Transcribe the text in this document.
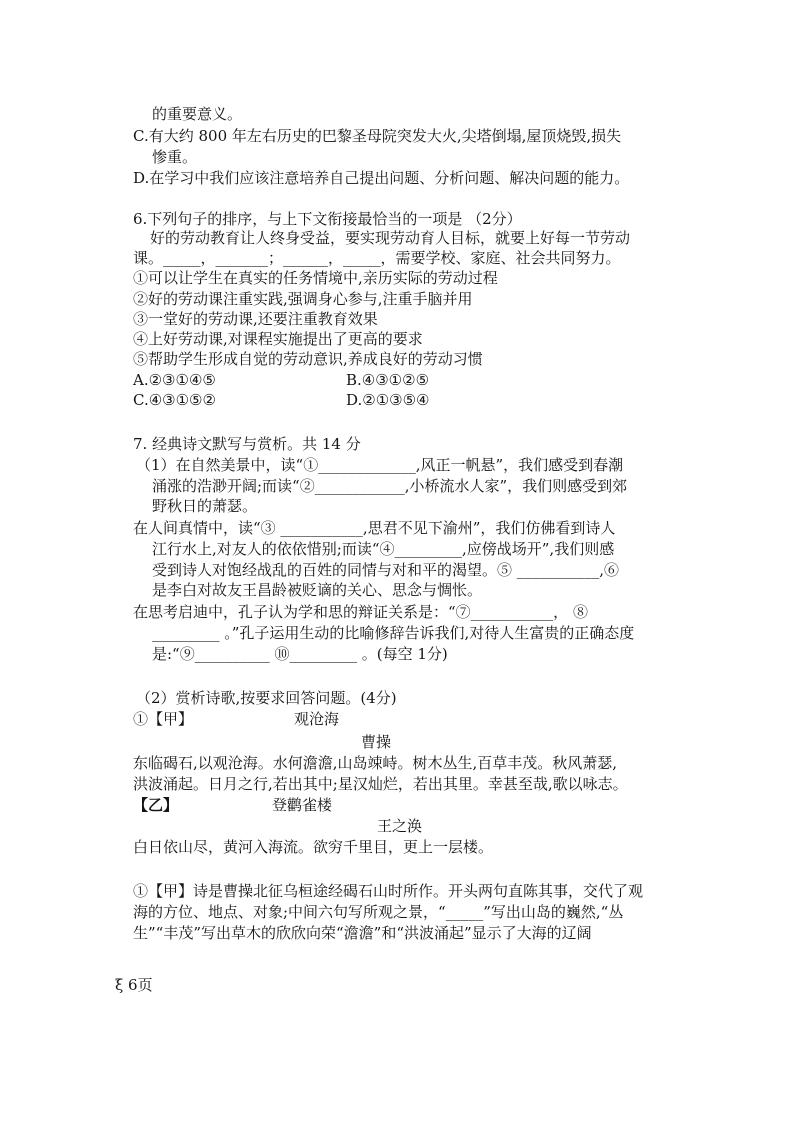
的重要意义。
C.有大约 800 年左右历史的巴黎圣母院突发大火,尖塔倒塌,屋顶烧毁,损失
惨重。
D.在学习中我们应该注意培养自己提出问题、分析问题、解决问题的能力。
6.下列句子的排序，与上下文衔接最恰当的一项是 （2分）
好的劳动教育让人终身受益，要实现劳动育人目标，就要上好每一节劳动
课。_____，_______；______，_____，需要学校、家庭、社会共同努力。
①可以让学生在真实的任务情境中,亲历实际的劳动过程
②好的劳动课注重实践,强调身心参与,注重手脑并用
③一堂好的劳动课,还要注重教育效果
④上好劳动课,对课程实施提出了更高的要求
⑤帮助学生形成自觉的劳动意识,养成良好的劳动习惯
A.②③①④⑤	B.④③①②⑤
C.④③①⑤②	D.②①③⑤④
7. 经典诗文默写与赏析。共 14 分
（1）在自然美景中，读“①_____________,风正一帆悬”，我们感受到春潮
涌涨的浩渺开阔;而读“②____________,小桥流水人家”，我们则感受到郊
野秋日的萧瑟。
在人间真情中，读“③ ___________,思君不见下渝州”，我们仿佛看到诗人
江行水上,对友人的依依惜别;而读“④_________,应傍战场开”,我们则感
受到诗人对饱经战乱的百姓的同情与对和平的渴望。⑤ ___________,⑥
是李白对故友王昌龄被贬谪的关心、思念与惆怅。
在思考启迪中，孔子认为学和思的辩证关系是：“⑦___________， ⑧
_________ 。”孔子运用生动的比喻修辞告诉我们,对待人生富贵的正确态度
是:“⑨__________ ⑩_________ 。(每空 1分)
（2）赏析诗歌,按要求回答问题。(4分)
①【甲】	观沧海
曹操
东临碣石,以观沧海。水何澹澹,山岛竦峙。树木丛生,百草丰茂。秋风萧瑟,
洪波涌起。日月之行,若出其中;星汉灿烂，若出其里。幸甚至哉,歌以咏志。
【乙】	登鹳雀楼
王之涣
白日依山尽，黄河入海流。欲穷千里目，更上一层楼。
①【甲】诗是曹操北征乌桓途经碣石山时所作。开头两句直陈其事，交代了观
海的方位、地点、对象;中间六句写所观之景，“_____”写出山岛的巍然,“丛
生”“丰茂”写出草木的欣欣向荣“澹澹”和“洪波涌起”显示了大海的辽阔
ξ 6页
